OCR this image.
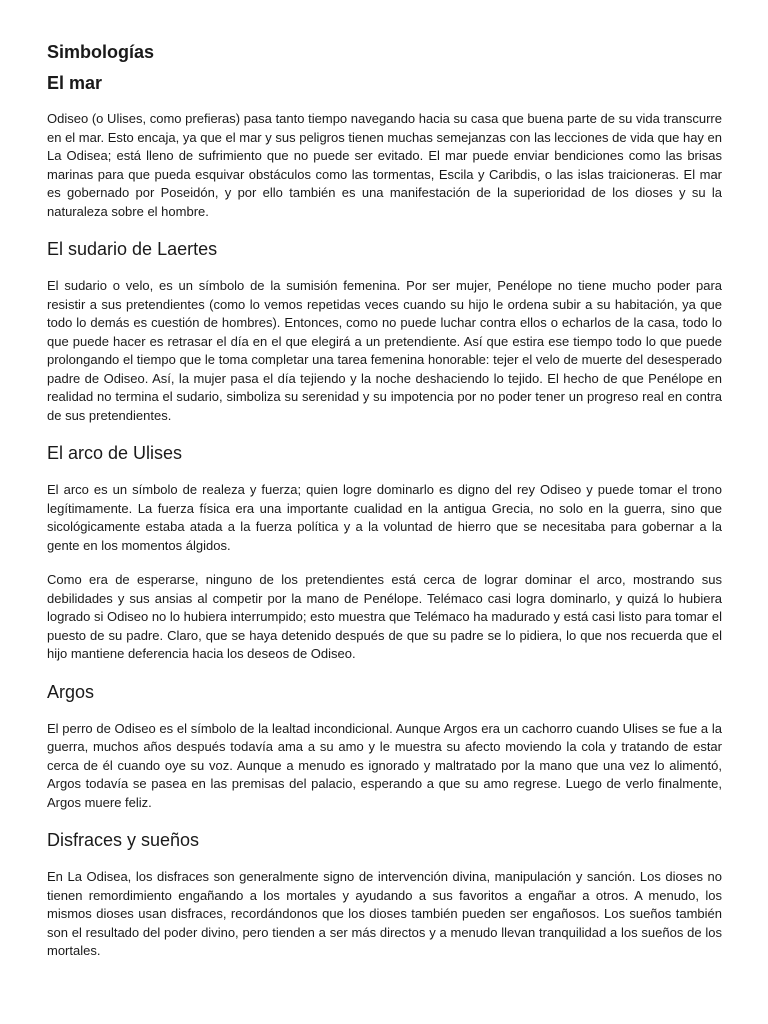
Simbologías
El mar

Odiseo (o Ulises, como prefieras) pasa tanto tiempo navegando hacia su casa que buena parte de su vida transcurre en el mar. Esto encaja, ya que el mar y sus peligros tienen muchas semejanzas con las lecciones de vida que hay en La Odisea; está lleno de sufrimiento que no puede ser evitado. El mar puede enviar bendiciones como las brisas marinas para que pueda esquivar obstáculos como las tormentas, Escila y Caribdis, o las islas traicioneras. El mar es gobernado por Poseidón, y por ello también es una manifestación de la superioridad de los dioses y su la naturaleza sobre el hombre.

El sudario de Laertes

El sudario o velo, es un símbolo de la sumisión femenina. Por ser mujer, Penélope no tiene mucho poder para resistir a sus pretendientes (como lo vemos repetidas veces cuando su hijo le ordena subir a su habitación, ya que todo lo demás es cuestión de hombres). Entonces, como no puede luchar contra ellos o echarlos de la casa, todo lo que puede hacer es retrasar el día en el que elegirá a un pretendiente. Así que estira ese tiempo todo lo que puede prolongando el tiempo que le toma completar una tarea femenina honorable: tejer el velo de muerte del desesperado padre de Odiseo. Así, la mujer pasa el día tejiendo y la noche deshaciendo lo tejido. El hecho de que Penélope en realidad no termina el sudario, simboliza su serenidad y su impotencia por no poder tener un progreso real en contra de sus pretendientes.

El arco de Ulises

El arco es un símbolo de realeza y fuerza; quien logre dominarlo es digno del rey Odiseo y puede tomar el trono legítimamente. La fuerza física era una importante cualidad en la antigua Grecia, no solo en la guerra, sino que sicológicamente estaba atada a la fuerza política y a la voluntad de hierro que se necesitaba para gobernar a la gente en los momentos álgidos.

Como era de esperarse, ninguno de los pretendientes está cerca de lograr dominar el arco, mostrando sus debilidades y sus ansias al competir por la mano de Penélope. Telémaco casi logra dominarlo, y quizá lo hubiera logrado si Odiseo no lo hubiera interrumpido; esto muestra que Telémaco ha madurado y está casi listo para tomar el puesto de su padre. Claro, que se haya detenido después de que su padre se lo pidiera, lo que nos recuerda que el hijo mantiene deferencia hacia los deseos de Odiseo.

Argos

El perro de Odiseo es el símbolo de la lealtad incondicional. Aunque Argos era un cachorro cuando Ulises se fue a la guerra, muchos años después todavía ama a su amo y le muestra su afecto moviendo la cola y tratando de estar cerca de él cuando oye su voz. Aunque a menudo es ignorado y maltratado por la mano que una vez lo alimentó, Argos todavía se pasea en las premisas del palacio, esperando a que su amo regrese. Luego de verlo finalmente, Argos muere feliz.

Disfraces y sueños

En La Odisea, los disfraces son generalmente signo de intervención divina, manipulación y sanción. Los dioses no tienen remordimiento engañando a los mortales y ayudando a sus favoritos a engañar a otros. A menudo, los mismos dioses usan disfraces, recordándonos que los dioses también pueden ser engañosos. Los sueños también son el resultado del poder divino, pero tienden a ser más directos y a menudo llevan tranquilidad a los sueños de los mortales.
